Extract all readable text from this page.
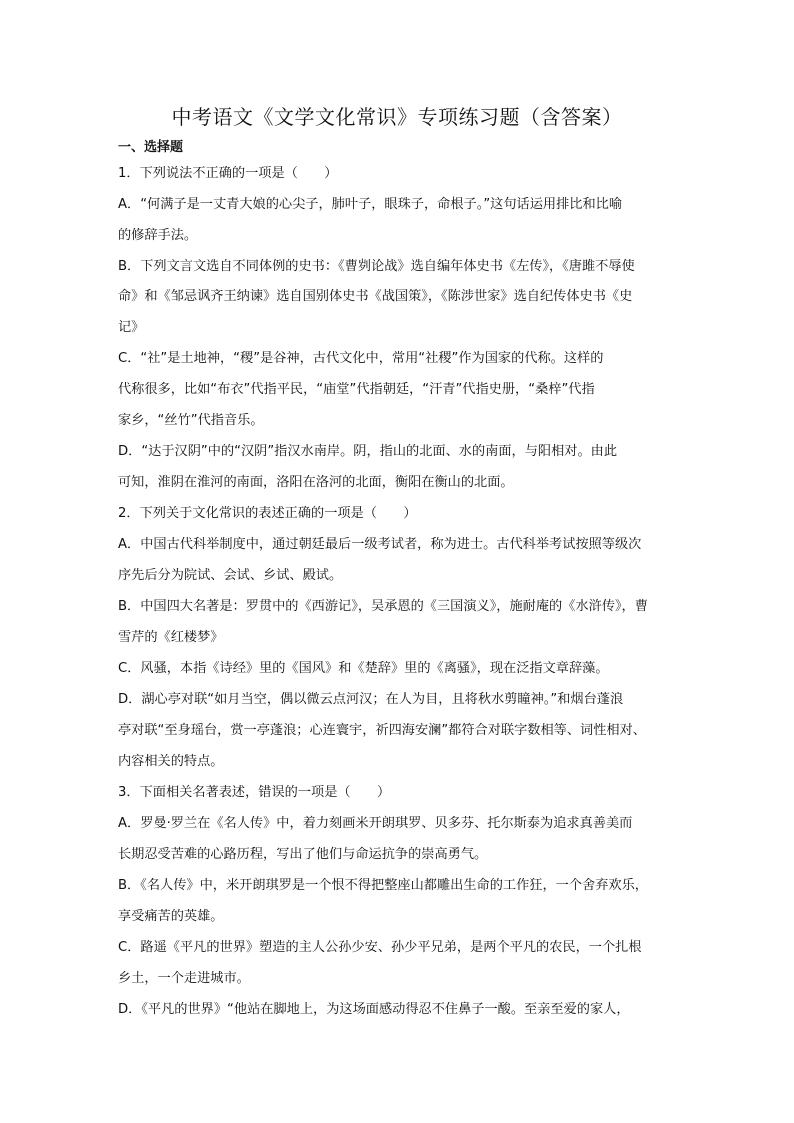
中考语文《文学文化常识》专项练习题（含答案）
一、选择题
1．下列说法不正确的一项是（　　）
A．“何满子是一丈青大娘的心尖子，肺叶子，眼珠子，命根子。”这句话运用排比和比喻
的修辞手法。
B．下列文言文选自不同体例的史书：《曹刿论战》选自编年体史书《左传》，《唐雎不辱使
命》和《邹忌讽齐王纳谏》选自国别体史书《战国策》，《陈涉世家》选自纪传体史书《史
记》
C．“社”是土地神，“稷”是谷神，古代文化中，常用“社稷”作为国家的代称。这样的
代称很多，比如“布衣”代指平民，“庙堂”代指朝廷，“汗青”代指史册，“桑梓”代指
家乡，“丝竹”代指音乐。
D．“达于汉阴”中的“汉阴”指汉水南岸。阴，指山的北面、水的南面，与阳相对。由此
可知，淮阴在淮河的南面，洛阳在洛河的北面，衡阳在衡山的北面。
2．下列关于文化常识的表述正确的一项是（　　）
A．中国古代科举制度中，通过朝廷最后一级考试者，称为进士。古代科举考试按照等级次
序先后分为院试、会试、乡试、殿试。
B．中国四大名著是：罗贯中的《西游记》，吴承恩的《三国演义》，施耐庵的《水浒传》，曹
雪芹的《红楼梦》
C．风骚，本指《诗经》里的《国风》和《楚辞》里的《离骚》，现在泛指文章辞藻。
D．湖心亭对联“如月当空，偶以微云点河汉；在人为目，且将秋水剪瞳神。”和烟台蓬浪
亭对联“至身瑶台，赏一亭蓬浪；心连寰宇，祈四海安澜”都符合对联字数相等、词性相对、
内容相关的特点。
3．下面相关名著表述，错误的一项是（　　）
A．罗曼·罗兰在《名人传》中，着力刻画米开朗琪罗、贝多芬、托尔斯泰为追求真善美而
长期忍受苦难的心路历程，写出了他们与命运抗争的崇高勇气。
B．《名人传》中，米开朗琪罗是一个恨不得把整座山都雕出生命的工作狂，一个舍弃欢乐，
享受痛苦的英雄。
C．路遥《平凡的世界》塑造的主人公孙少安、孙少平兄弟，是两个平凡的农民，一个扎根
乡土，一个走进城市。
D．《平凡的世界》“他站在脚地上，为这场面感动得忍不住鼻子一酸。至亲至爱的家人，
